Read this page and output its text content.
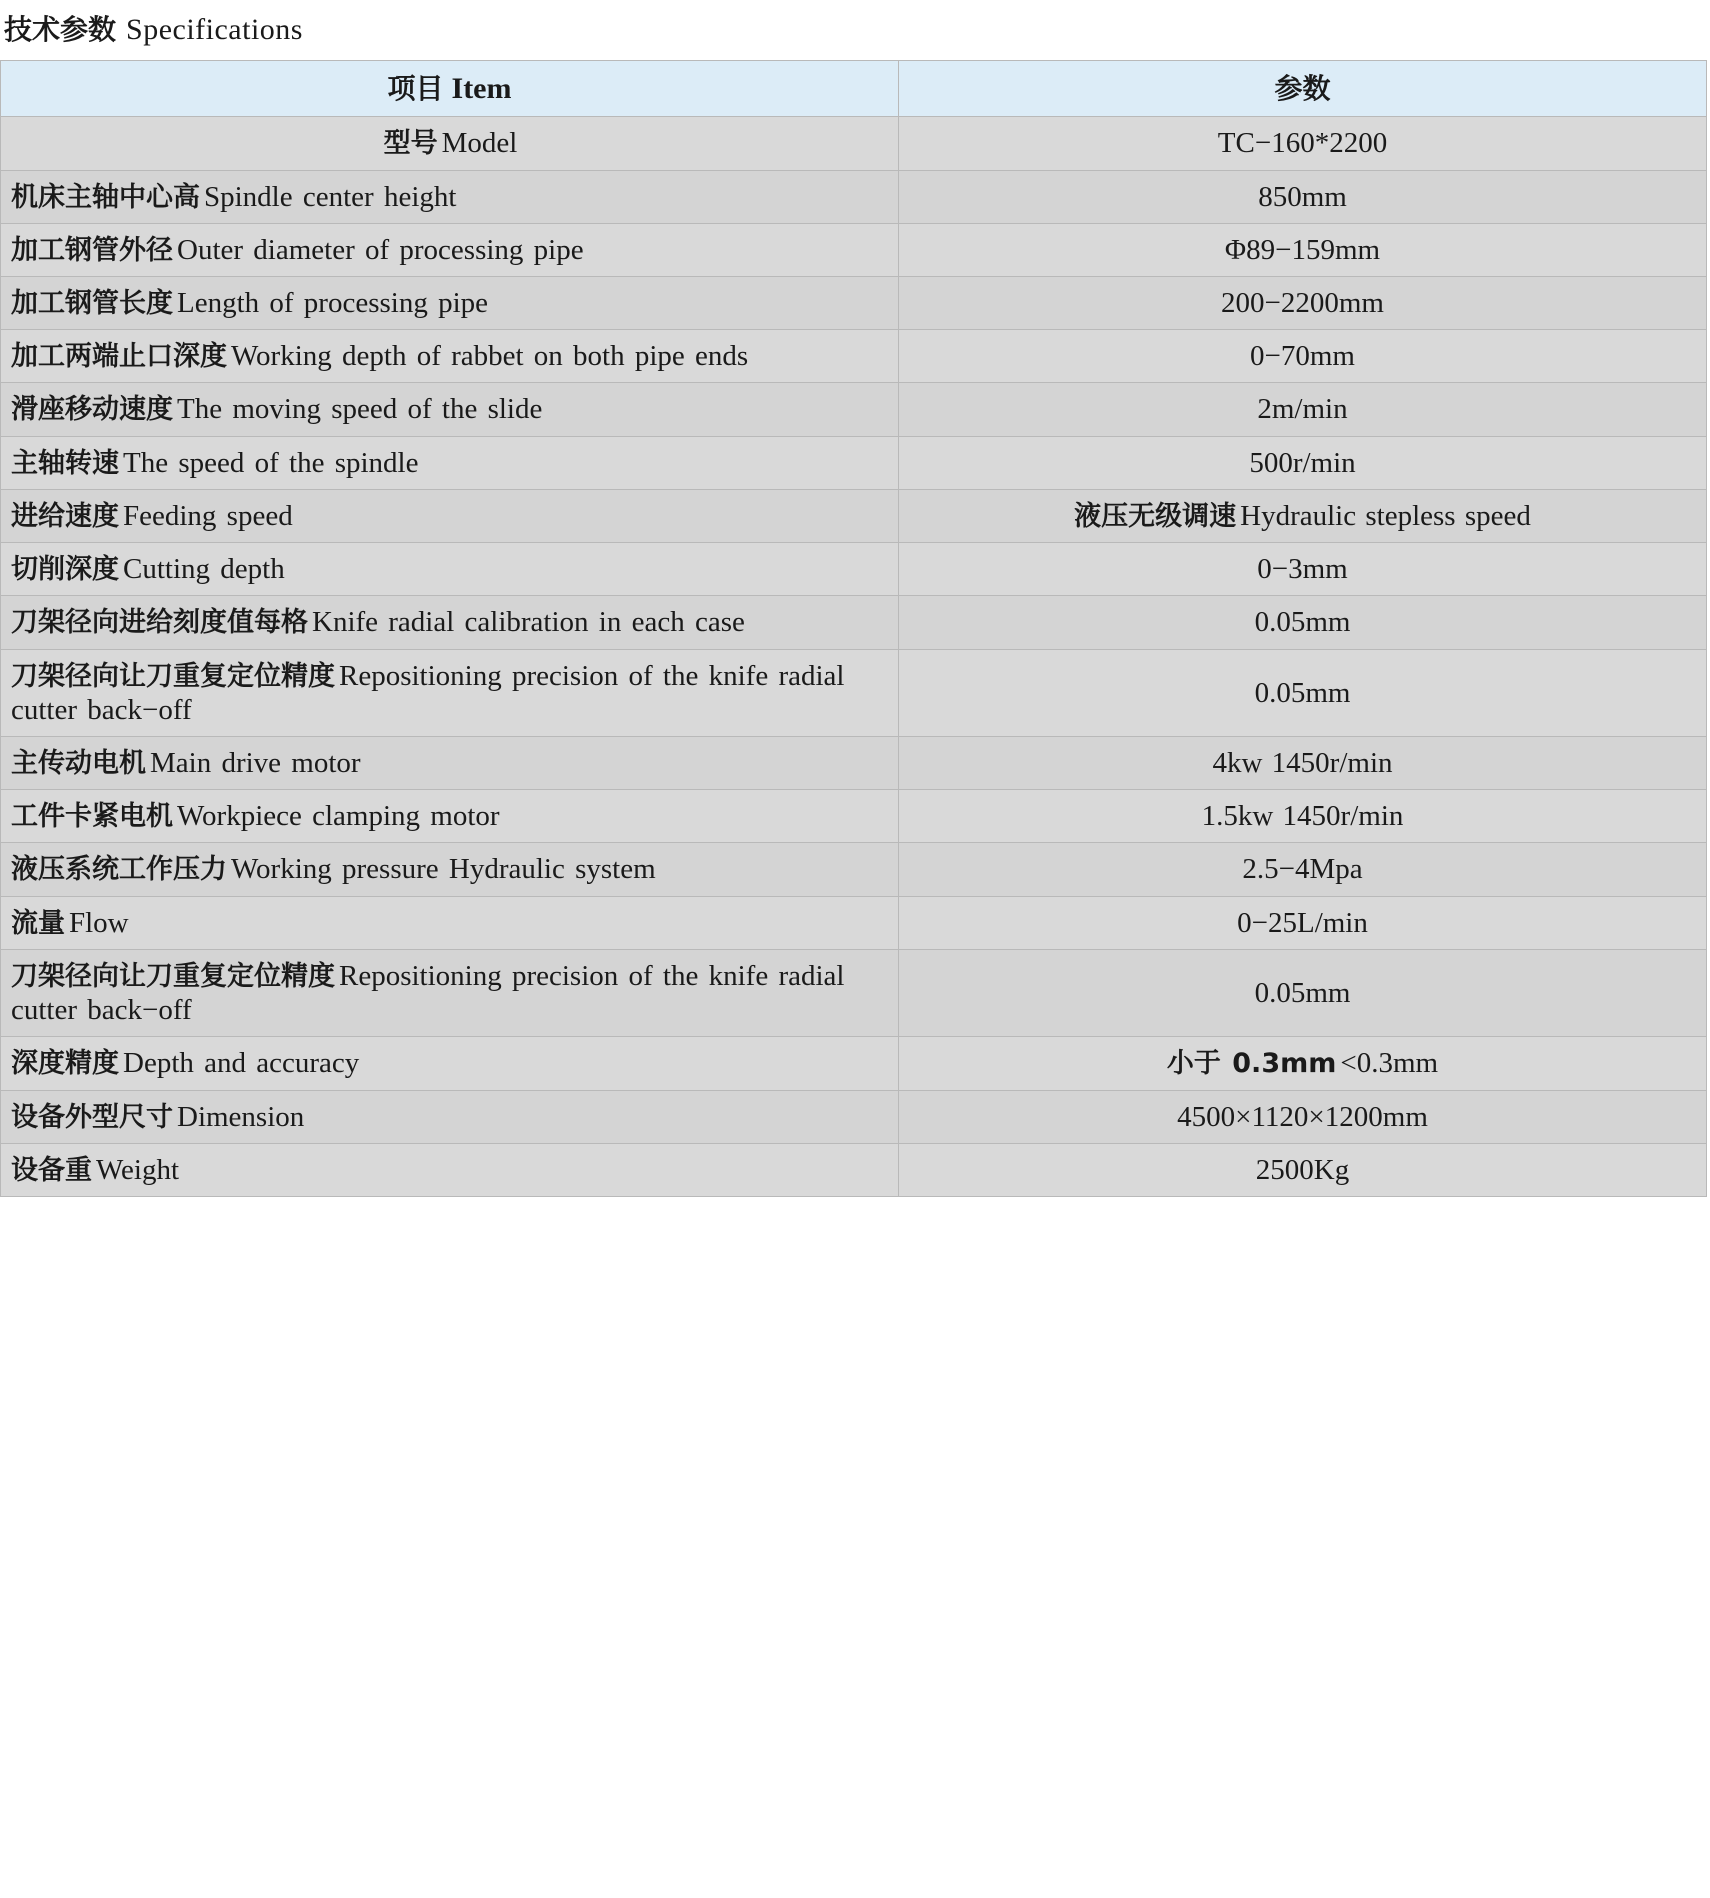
技术参数 Specifications
项目 Item	参数
型号 Model	TC−160*2200
机床主轴中心高 Spindle center height	850mm
加工钢管外径 Outer diameter of processing pipe	Φ89−159mm
加工钢管长度 Length of processing pipe	200−2200mm
加工两端止口深度 Working depth of rabbet on both pipe ends	0−70mm
滑座移动速度 The moving speed of the slide	2m/min
主轴转速 The speed of the spindle	500r/min
进给速度 Feeding speed	液压无级调速 Hydraulic stepless speed
切削深度 Cutting depth	0−3mm
刀架径向进给刻度值每格 Knife radial calibration in each case	0.05mm
刀架径向让刀重复定位精度 Repositioning precision of the knife radial cutter back−off	0.05mm
主传动电机 Main drive motor	4kw 1450r/min
工件卡紧电机 Workpiece clamping motor	1.5kw 1450r/min
液压系统工作压力 Working pressure Hydraulic system	2.5−4Mpa
流量 Flow	0−25L/min
刀架径向让刀重复定位精度 Repositioning precision of the knife radial cutter back−off	0.05mm
深度精度 Depth and accuracy	小于 0.3mm <0.3mm
设备外型尺寸 Dimension	4500×1120×1200mm
设备重 Weight	2500Kg
